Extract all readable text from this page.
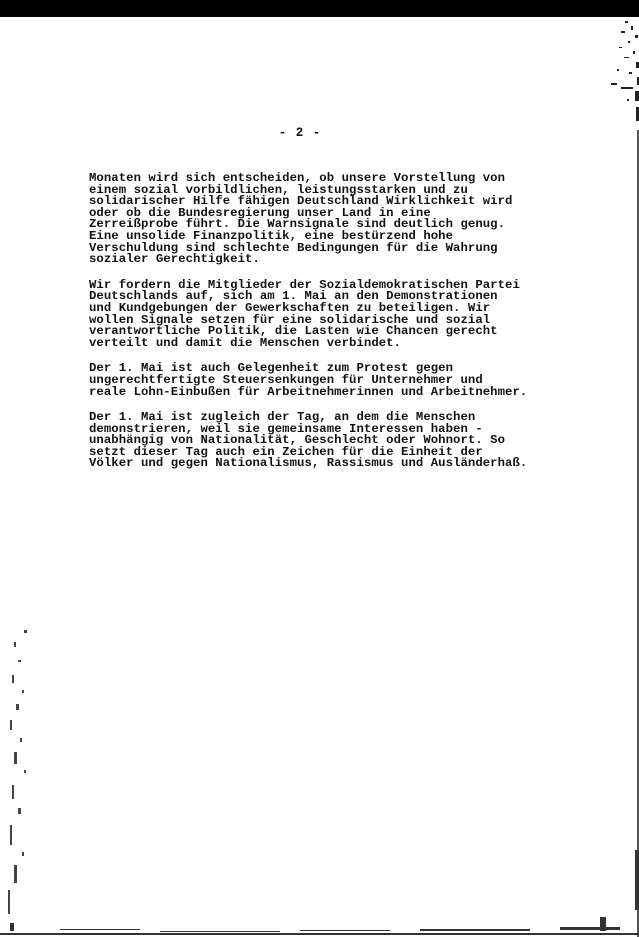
- 2 -

Monaten wird sich entscheiden, ob unsere Vorstellung von
einem sozial vorbildlichen, leistungsstarken und zu
solidarischer Hilfe fähigen Deutschland Wirklichkeit wird
oder ob die Bundesregierung unser Land in eine
Zerreißprobe führt. Die Warnsignale sind deutlich genug.
Eine unsolide Finanzpolitik, eine bestürzend hohe
Verschuldung sind schlechte Bedingungen für die Wahrung
sozialer Gerechtigkeit.

Wir fordern die Mitglieder der Sozialdemokratischen Partei
Deutschlands auf, sich am 1. Mai an den Demonstrationen
und Kundgebungen der Gewerkschaften zu beteiligen. Wir
wollen Signale setzen für eine solidarische und sozial
verantwortliche Politik, die Lasten wie Chancen gerecht
verteilt und damit die Menschen verbindet.

Der 1. Mai ist auch Gelegenheit zum Protest gegen
ungerechtfertigte Steuersenkungen für Unternehmer und
reale Lohn-Einbußen für Arbeitnehmerinnen und Arbeitnehmer.

Der 1. Mai ist zugleich der Tag, an dem die Menschen
demonstrieren, weil sie gemeinsame Interessen haben -
unabhängig von Nationalität, Geschlecht oder Wohnort. So
setzt dieser Tag auch ein Zeichen für die Einheit der
Völker und gegen Nationalismus, Rassismus und Ausländerhaß.
